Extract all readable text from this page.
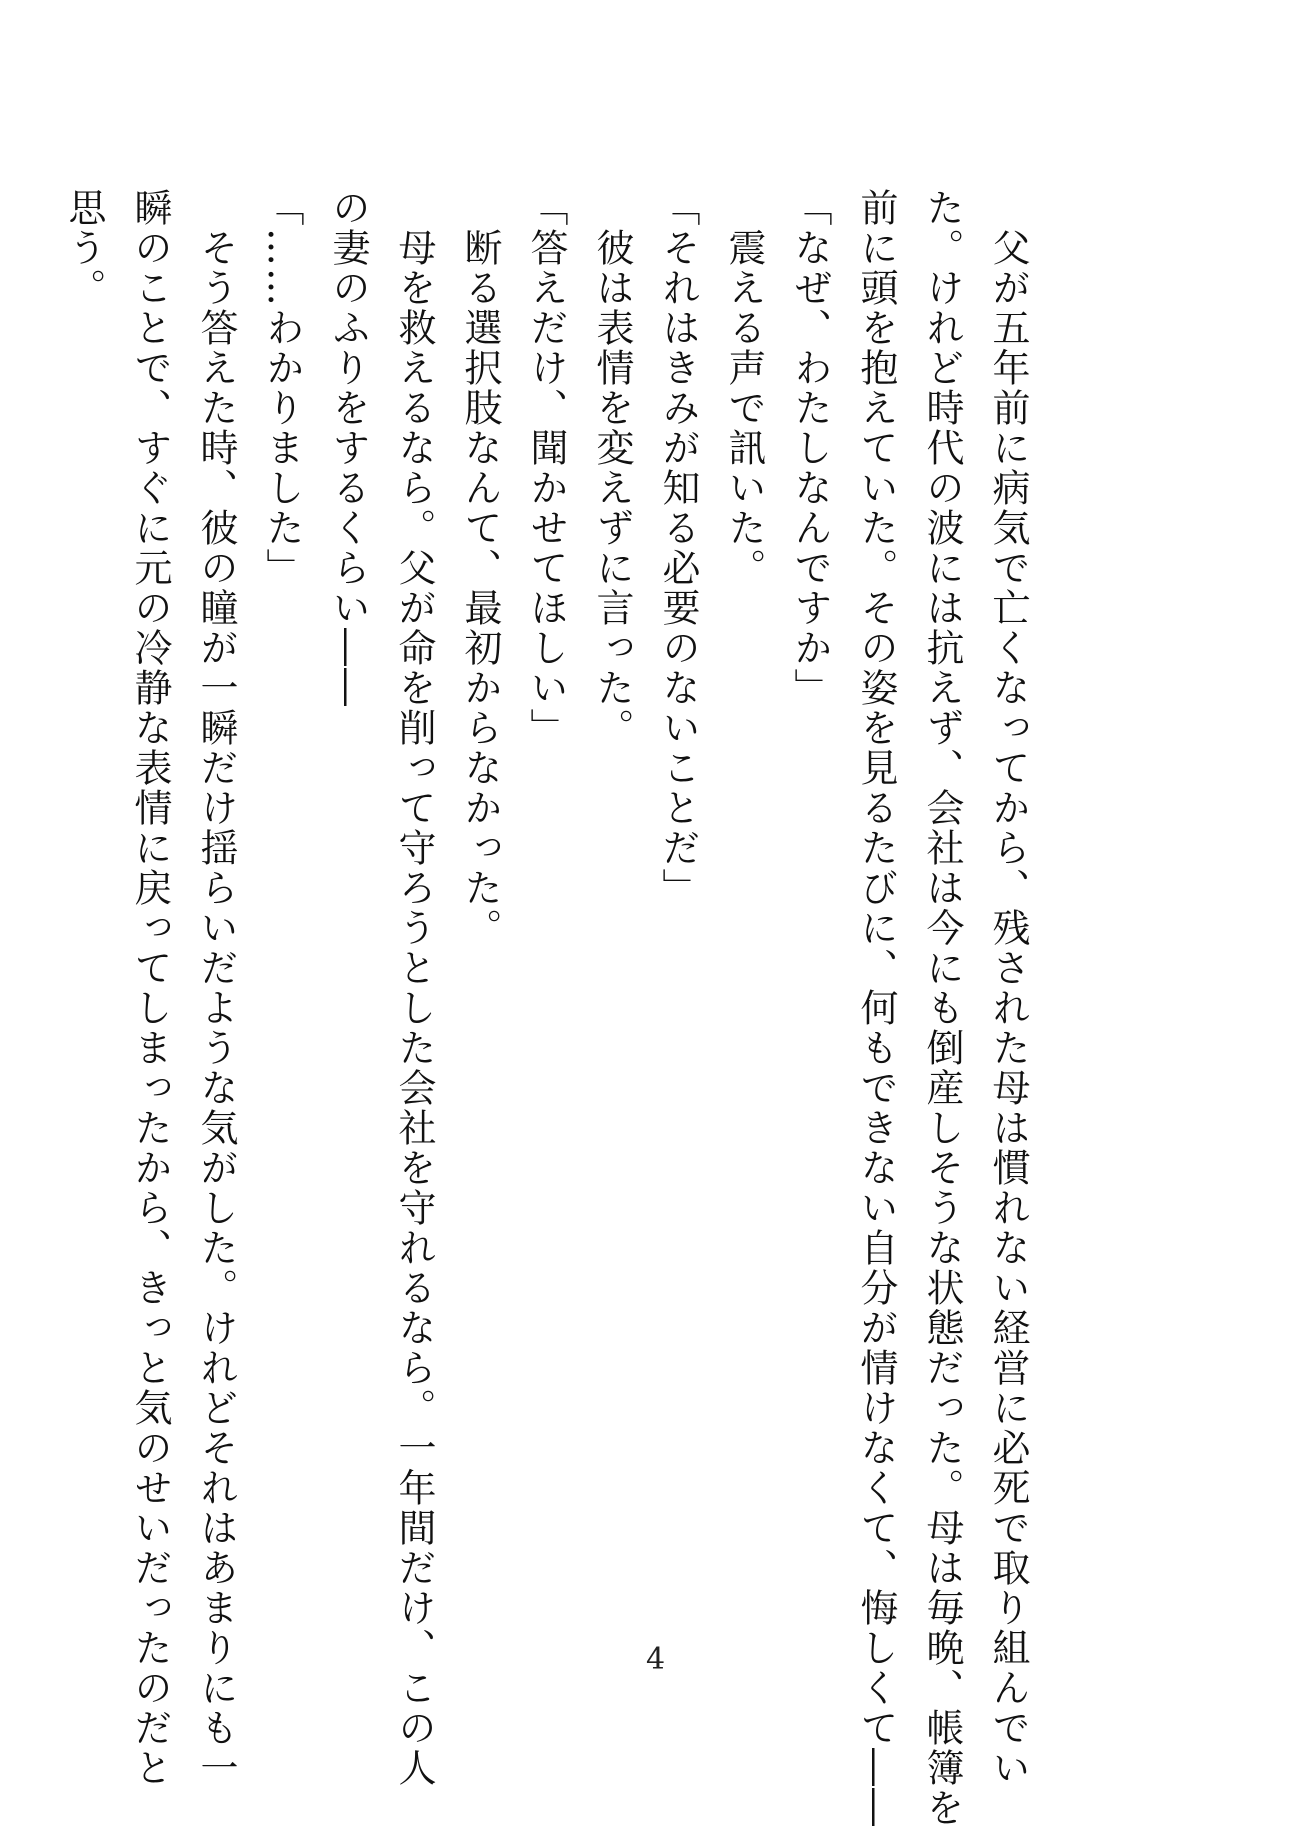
　父が五年前に病気で亡くなってから、残された母は慣れない経営に必死で取り組んでい
た。けれど時代の波には抗えず、会社は今にも倒産しそうな状態だった。母は毎晩、帳簿を
前に頭を抱えていた。その姿を見るたびに、何もできない自分が情けなくて、悔しくて――
「なぜ、わたしなんですか」
　震える声で訊いた。
「それはきみが知る必要のないことだ」
　彼は表情を変えずに言った。
「答えだけ、聞かせてほしい」
　断る選択肢なんて、最初からなかった。
　母を救えるなら。父が命を削って守ろうとした会社を守れるなら。一年間だけ、この人
の妻のふりをするくらい――
「……わかりました」
　そう答えた時、彼の瞳が一瞬だけ揺らいだような気がした。けれどそれはあまりにも一
瞬のことで、すぐに元の冷静な表情に戻ってしまったから、きっと気のせいだったのだと
思う。
4
